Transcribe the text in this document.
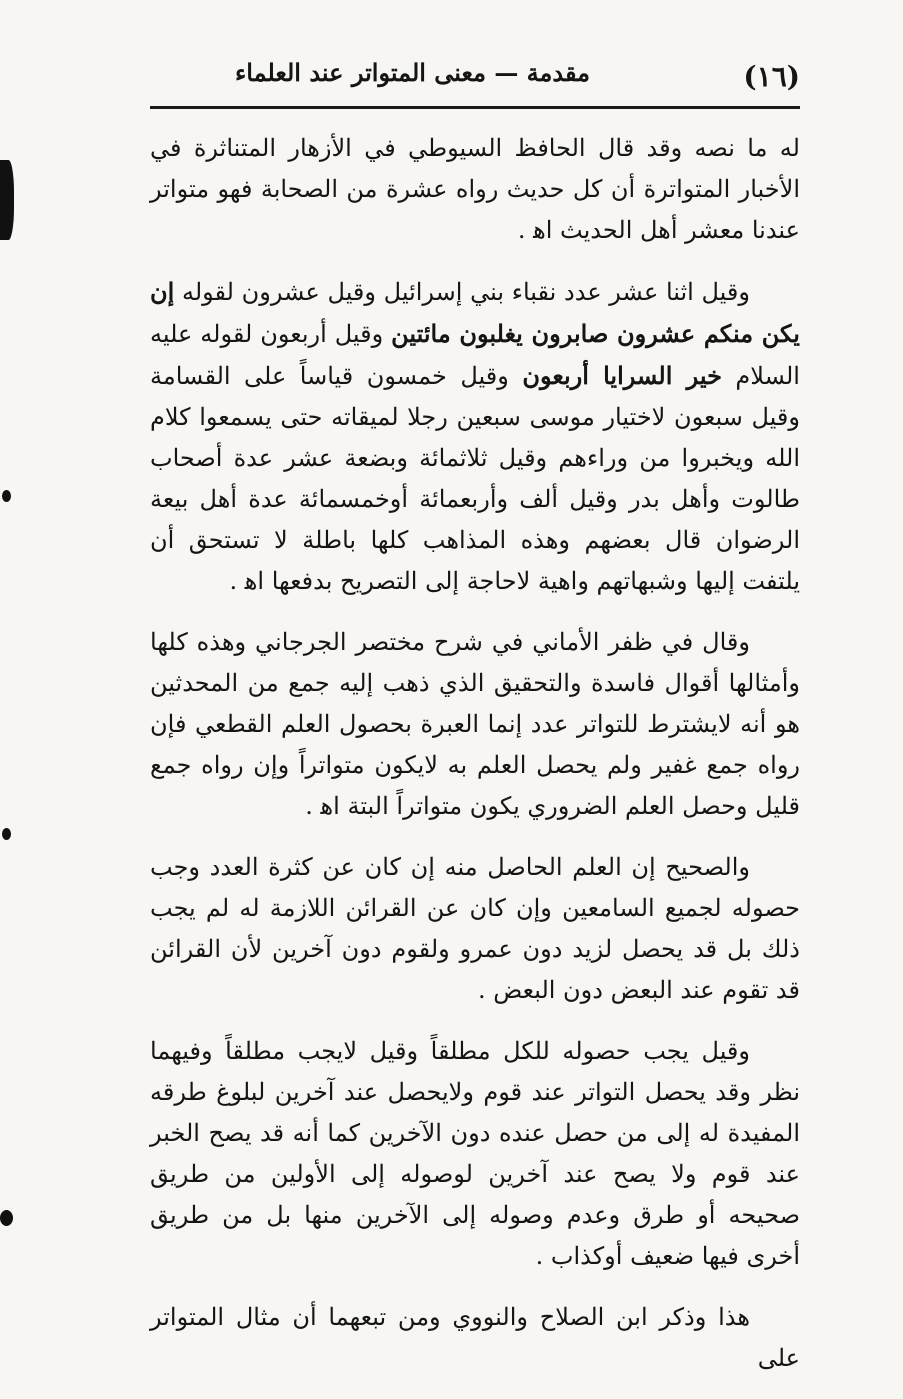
(١٦)
مقدمة — معنى المتواتر عند العلماء

له ما نصه وقد قال الحافظ السيوطي في الأزهار المتناثرة في الأخبار المتواترة أن كل حديث رواه عشرة من الصحابة فهو متواتر عندنا معشر أهل الحديث اﻫ .

وقيل اثنا عشر عدد نقباء بني إسرائيل وقيل عشرون لقوله إن يكن منكم عشرون صابرون يغلبون مائتين وقيل أربعون لقوله عليه السلام خير السرايا أربعون وقيل خمسون قياساً على القسامة وقيل سبعون لاختيار موسى سبعين رجلا لميقاته حتى يسمعوا كلام الله ويخبروا من وراءهم وقيل ثلاثمائة وبضعة عشر عدة أصحاب طالوت وأهل بدر وقيل ألف وأربعمائة أوخمسمائة عدة أهل بيعة الرضوان قال بعضهم وهذه المذاهب كلها باطلة لا تستحق أن يلتفت إليها وشبهاتهم واهية لاحاجة إلى التصريح بدفعها اﻫ .

وقال في ظفر الأماني في شرح مختصر الجرجاني وهذه كلها وأمثالها أقوال فاسدة والتحقيق الذي ذهب إليه جمع من المحدثين هو أنه لايشترط للتواتر عدد إنما العبرة بحصول العلم القطعي فإن رواه جمع غفير ولم يحصل العلم به لايكون متواتراً وإن رواه جمع قليل وحصل العلم الضروري يكون متواتراً البتة اﻫ .

والصحيح إن العلم الحاصل منه إن كان عن كثرة العدد وجب حصوله لجميع السامعين وإن كان عن القرائن اللازمة له لم يجب ذلك بل قد يحصل لزيد دون عمرو ولقوم دون آخرين لأن القرائن قد تقوم عند البعض دون البعض .

وقيل يجب حصوله للكل مطلقاً وقيل لايجب مطلقاً وفيهما نظر وقد يحصل التواتر عند قوم ولايحصل عند آخرين لبلوغ طرقه المفيدة له إلى من حصل عنده دون الآخرين كما أنه قد يصح الخبر عند قوم ولا يصح عند آخرين لوصوله إلى الأولين من طريق صحيحه أو طرق وعدم وصوله إلى الآخرين منها بل من طريق أخرى فيها ضعيف أوكذاب .

هذا وذكر ابن الصلاح والنووي ومن تبعهما أن مثال المتواتر على
